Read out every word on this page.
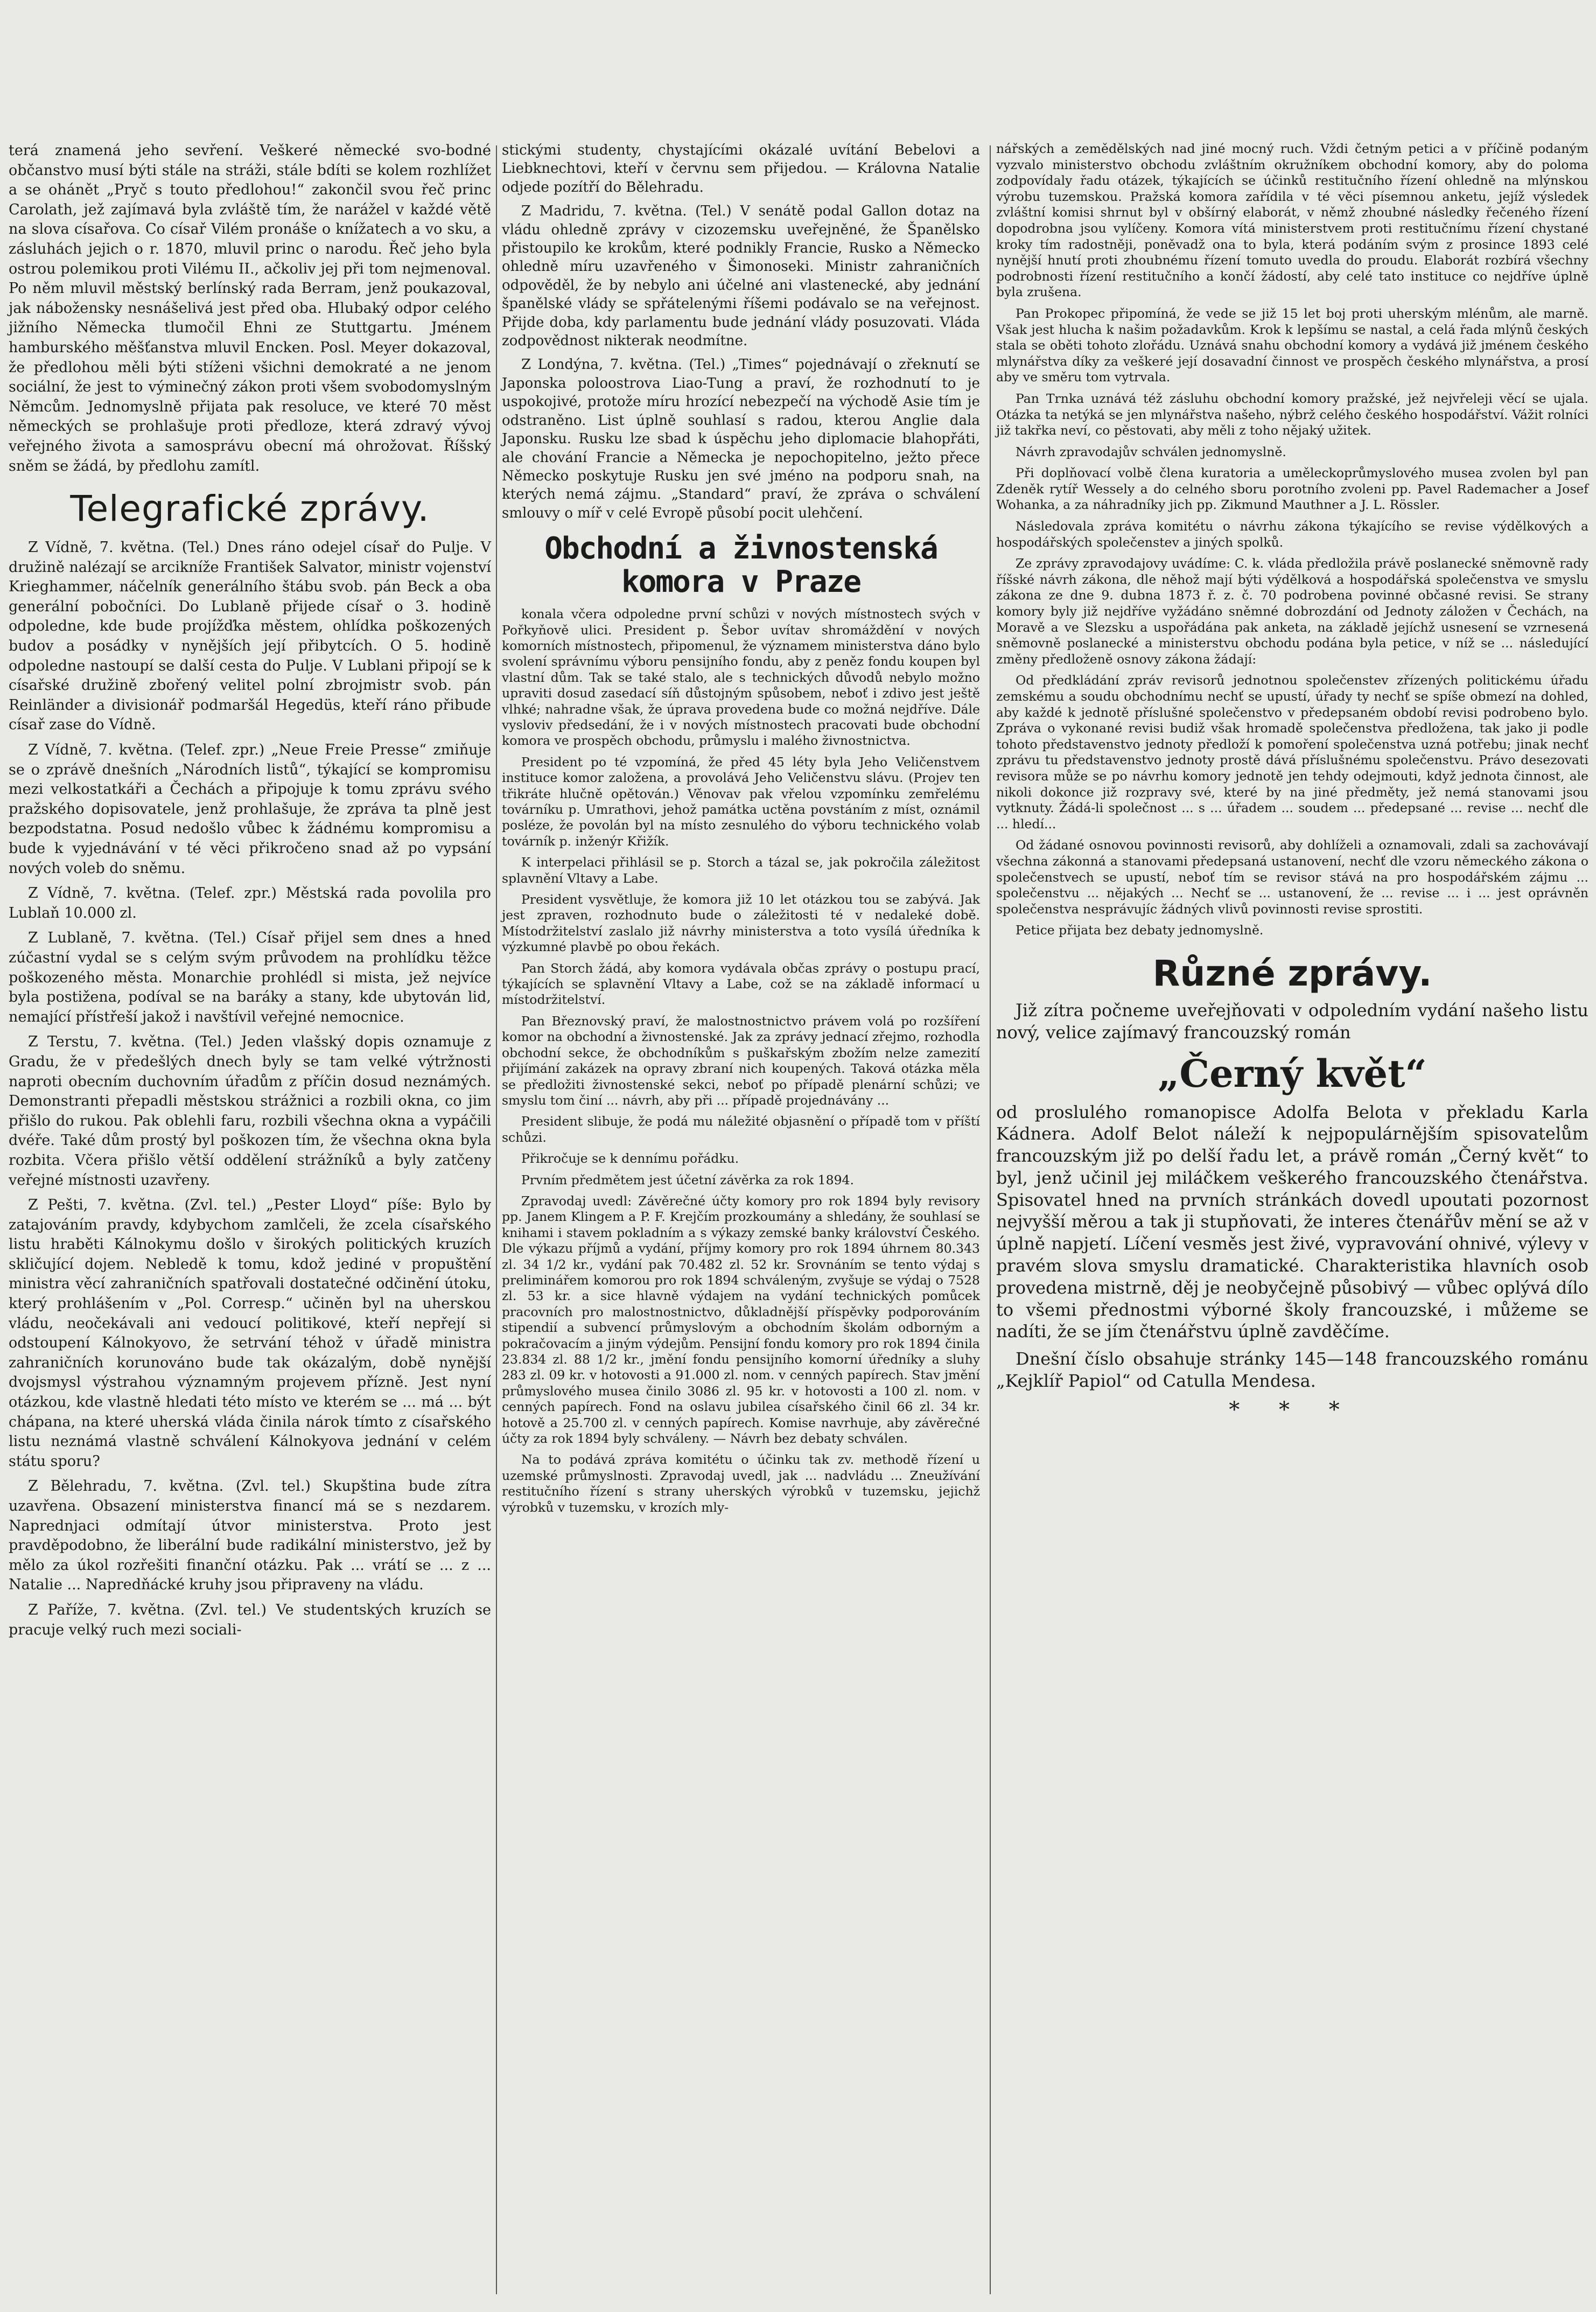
terá znamená jeho sevření. Veškeré německé svo-bodné občanstvo musí býti stále na stráži, stále bdíti se kolem rozhlížet a se ohánět „Pryč s touto předlohou!“ zakončil svou řeč princ Carolath, jež zajímavá byla zvláště tím, že narážel v každé větě na slova císařova. Co císař Vilém pronáše o knížatech a vo sku, a zásluhách jejich o r. 1870, mluvil princ o narodu. Řeč jeho byla ostrou polemikou proti Vilému II., ačkoliv jej při tom nejmenoval. Po něm mluvil městský berlínský rada Berram, jenž poukazoval, jak nábožensky nesnášelivá jest před oba. Hlubaký odpor celého jižního Německa tlumočil Ehni ze Stuttgartu. Jménem hamburského měšťanstva mluvil Encken. Posl. Meyer dokazoval, že předlohou měli býti stíženi všichni demokraté a ne jenom sociální, že jest to výminečný zákon proti všem svobodomyslným Němcům. Jednomyslně přijata pak resoluce, ve které 70 měst německých se prohlašuje proti předloze, která zdravý vývoj veřejného života a samosprávu obecní má ohrožovat. Říšský sněm se žádá, by předlohu zamítl.

Telegrafické zprávy.

Z Vídně, 7. května. (Tel.) Dnes ráno odejel císař do Pulje. V družině nalézají se arcikníže František Salvator, ministr vojenství Krieghammer, náčelník generálního štábu svob. pán Beck a oba generální pobočníci. Do Lublaně přijede císař o 3. hodině odpoledne, kde bude projížďka městem, ohlídka poškozených budov a posádky v nynějších její přibytcích. O 5. hodině odpoledne nastoupí se další cesta do Pulje. V Lublani připojí se k císařské družině zbořený velitel polní zbrojmistr svob. pán Reinländer a divisionář podmaršál Hegedüs, kteří ráno přibude císař zase do Vídně.

Z Vídně, 7. května. (Telef. zpr.) „Neue Freie Presse“ zmiňuje se o zprávě dnešních „Národních listů“, týkající se kompromisu mezi velkostatkáři a Čechách a připojuje k tomu zprávu svého pražského dopisovatele, jenž prohlašuje, že zpráva ta plně jest bezpodstatna. Posud nedošlo vůbec k žádnému kompromisu a bude k vyjednávání v té věci přikročeno snad až po vypsání nových voleb do sněmu.

Z Vídně, 7. května. (Telef. zpr.) Městská rada povolila pro Lublaň 10.000 zl.

Z Lublaně, 7. května. (Tel.) Císař přijel sem dnes a hned zúčastní vydal se s celým svým průvodem na prohlídku těžce poškozeného města. Monarchie prohlédl si mista, jež nejvíce byla postižena, podíval se na baráky a stany, kde ubytován lid, nemající přístřeší jakož i navštívil veřejné nemocnice.

Z Terstu, 7. května. (Tel.) Jeden vlašský dopis oznamuje z Gradu, že v předešlých dnech byly se tam velké výtržnosti naproti obecním duchovním úřadům z příčin dosud neznámých. Demonstranti přepadli městskou strážnici a rozbili okna, co jim přišlo do rukou. Pak oblehli faru, rozbili všechna okna a vypáčili dvéře. Také dům prostý byl poškozen tím, že všechna okna byla rozbita. Včera přišlo větší oddělení strážníků a byly zatčeny veřejné místnosti uzavřeny.

Z Pešti, 7. května. (Zvl. tel.) „Pester Lloyd“ píše: Bylo by zatajováním pravdy, kdybychom zamlčeli, že zcela císařského listu hraběti Kálnokymu došlo v širokých politických kruzích skličující dojem. Nebledě k tomu, kdož jediné v propuštění ministra věcí zahraničních spatřovali dostatečné odčinění útoku, který prohlášením v „Pol. Corresp.“ učiněn byl na uherskou vládu, neočekávali ani vedoucí politikové, kteří nepřejí si odstoupení Kálnokyovo, že setrvání téhož v úřadě ministra zahraničních korunováno bude tak okázalým, době nynější dvojsmysl výstrahou významným projevem přízně. Jest nyní otázkou, kde vlastně hledati této místo ve kterém se ... má ... být chápana, na které uherská vláda činila nárok tímto z císařského listu neznámá vlastně schválení Kálnokyova jednání v celém státu sporu?

Z Bělehradu, 7. května. (Zvl. tel.) Skupština bude zítra uzavřena. Obsazení ministerstva financí má se s nezdarem. Naprednjaci odmítají útvor ministerstva. Proto jest pravděpodobno, že liberální bude radikální ministerstvo, jež by mělo za úkol rozřešiti finanční otázku. Pak ... vrátí se ... z ... Natalie ... Napredňácké kruhy jsou připraveny na vládu.

Z Paříže, 7. května. (Zvl. tel.) Ve studentských kruzích se pracuje velký ruch mezi sociali-

stickými studenty, chystajícími okázalé uvítání Bebelovi a Liebknechtovi, kteří v červnu sem přijedou. — Královna Natalie odjede pozítří do Bělehradu.

Z Madridu, 7. května. (Tel.) V senátě podal Gallon dotaz na vládu ohledně zprávy v cizozemsku uveřejněné, že Španělsko přistoupilo ke krokům, které podnikly Francie, Rusko a Německo ohledně míru uzavřeného v Šimonoseki. Ministr zahraničních odpověděl, že by nebylo ani účelné ani vlastenecké, aby jednání španělské vlády se spřátelenými říšemi podávalo se na veřejnost. Přijde doba, kdy parlamentu bude jednání vlády posuzovati. Vláda zodpovědnost nikterak neodmítne.

Z Londýna, 7. května. (Tel.) „Times“ pojednávají o zřeknutí se Japonska poloostrova Liao-Tung a praví, že rozhodnutí to je uspokojivé, protože míru hrozící nebezpečí na východě Asie tím je odstraněno. List úplně souhlasí s radou, kterou Anglie dala Japonsku. Rusku lze sbad k úspěchu jeho diplomacie blahopřáti, ale chování Francie a Německa je nepochopitelno, ježto přece Německo poskytuje Rusku jen své jméno na podporu snah, na kterých nemá zájmu. „Standard“ praví, že zpráva o schválení smlouvy o míř v celé Evropě působí pocit ulehčení.

Obchodní a živnostenská komora v Praze

konala včera odpoledne první schůzi v nových místnostech svých v Pořkyňově ulici. President p. Šebor uvítav shromáždění v nových komorních místnostech, připomenul, že významem ministerstva dáno bylo svolení správnímu výboru pensijního fondu, aby z peněz fondu koupen byl vlastní dům. Tak se také stalo, ale s technických důvodů nebylo možno upraviti dosud zasedací síň důstojným spůsobem, neboť i zdivo jest ještě vlhké; nahradne však, že úprava provedena bude co možná nejdříve. Dále vysloviv předsedání, že i v nových místnostech pracovati bude obchodní komora ve prospěch obchodu, průmyslu i malého živnostnictva.

President po té vzpomíná, že před 45 léty byla Jeho Veličenstvem instituce komor založena, a provolává Jeho Veličenstvu slávu. (Projev ten třikráte hlučně opětován.) Věnovav pak vřelou vzpomínku zemřelému továrníku p. Umrathovi, jehož památka uctěna povstáním z míst, oznámil posléze, že povolán byl na místo zesnulého do výboru technického volab továrník p. inženýr Křižík.

K interpelaci přihlásil se p. Storch a tázal se, jak pokročila záležitost splavnění Vltavy a Labe.

President vysvětluje, že komora již 10 let otázkou tou se zabývá. Jak jest zpraven, rozhodnuto bude o záležitosti té v nedaleké době. Místodržitelství zaslalo již návrhy ministerstva a toto vysílá úředníka k výzkumné plavbě po obou řekách.

Pan Storch žádá, aby komora vydávala občas zprávy o postupu prací, týkajících se splavnění Vltavy a Labe, což se na základě informací u místodržitelství.

Pan Březnovský praví, že malostnostnictvo právem volá po rozšíření komor na obchodní a živnostenské. Jak za zprávy jednací zřejmo, rozhodla obchodní sekce, že obchodníkům s puškařským zbožím nelze zamezití přijímání zakázek na opravy zbraní nich koupených. Taková otázka měla se předložiti živnostenské sekci, neboť po případě plenární schůzi; ve smyslu tom činí ... návrh, aby při ... případě projednávány ...

President slibuje, že podá mu náležité objasnění o případě tom v příští schůzi.

Přikročuje se k dennímu pořádku.

Prvním předmětem jest účetní závěrka za rok 1894.

Zpravodaj uvedl: Závěrečné účty komory pro rok 1894 byly revisory pp. Janem Klingem a P. F. Krejčím prozkoumány a shledány, že souhlasí se knihami i stavem pokladním a s výkazy zemské banky království Českého. Dle výkazu příjmů a vydání, příjmy komory pro rok 1894 úhrnem 80.343 zl. 34 1/2 kr., vydání pak 70.482 zl. 52 kr. Srovnáním se tento výdaj s preliminářem komorou pro rok 1894 schváleným, zvyšuje se výdaj o 7528 zl. 53 kr. a sice hlavně výdajem na vydání technických pomůcek pracovních pro malostnostnictvo, důkladnější příspěvky podporováním stipendií a subvencí průmyslovým a obchodním školám odborným a pokračovacím a jiným výdejům. Pensijní fondu komory pro rok 1894 činila 23.834 zl. 88 1/2 kr., jmění fondu pensijního komorní úředníky a sluhy 283 zl. 09 kr. v hotovosti a 91.000 zl. nom. v cenných papírech. Stav jmění průmyslového musea činilo 3086 zl. 95 kr. v hotovosti a 100 zl. nom. v cenných papírech. Fond na oslavu jubilea císařského činil 66 zl. 34 kr. hotově a 25.700 zl. v cenných papírech. Komise navrhuje, aby závěrečné účty za rok 1894 byly schváleny. — Návrh bez debaty schválen.

Na to podává zpráva komitétu o účinku tak zv. methodě řízení u uzemské průmyslnosti. Zpravodaj uvedl, jak ... nadvládu ... Zneužívání restitučního řízení s strany uherských výrobků v tuzemsku, jejichž výrobků v tuzemsku, v krozích mly-

nářských a zemědělských nad jiné mocný ruch. Vždi četným petici a v příčině podaným vyzvalo ministerstvo obchodu zvláštním okružníkem obchodní komory, aby do poloma zodpovídaly řadu otázek, týkajících se účinků restitučního řízení ohledně na mlýnskou výrobu tuzemskou. Pražská komora zařídila v té věci písemnou anketu, jejíž výsledek zvláštní komisi shrnut byl v obšírný elaborát, v němž zhoubné následky řečeného řízení dopodrobna jsou vylíčeny. Komora vítá ministerstvem proti restitučnímu řízení chystané kroky tím radostněji, poněvadž ona to byla, která podáním svým z prosince 1893 celé nynější hnutí proti zhoubnému řízení tomuto uvedla do proudu. Elaborát rozbírá všechny podrobnosti řízení restitučního a končí žádostí, aby celé tato instituce co nejdříve úplně byla zrušena.

Pan Prokopec připomíná, že vede se již 15 let boj proti uherským mlénům, ale marně. Však jest hlucha k našim požadavkům. Krok k lepšímu se nastal, a celá řada mlýnů českých stala se oběti tohoto zlořádu. Uznává snahu obchodní komory a vydává již jménem českého mlynářstva díky za veškeré její dosavadní činnost ve prospěch českého mlynářstva, a prosí aby ve směru tom vytrvala.

Pan Trnka uznává též zásluhu obchodní komory pražské, jež nejvřeleji věcí se ujala. Otázka ta netýká se jen mlynářstva našeho, nýbrž celého českého hospodářství. Vážit rolníci již takřka neví, co pěstovati, aby měli z toho nějaký užitek.

Návrh zpravodajův schválen jednomyslně.

Při doplňovací volbě člena kuratoria a uměleckoprůmyslového musea zvolen byl pan Zdeněk rytíř Wessely a do celného sboru porotního zvoleni pp. Pavel Rademacher a Josef Wohanka, a za náhradníky jich pp. Zikmund Mauthner a J. L. Rössler.

Následovala zpráva komitétu o návrhu zákona týkajícího se revise výdělkových a hospodářských společenstev a jiných spolků.

Ze zprávy zpravodajovy uvádíme: C. k. vláda předložila právě poslanecké sněmovně rady říšské návrh zákona, dle něhož mají býti výdělková a hospodářská společenstva ve smyslu zákona ze dne 9. dubna 1873 ř. z. č. 70 podrobena povinné občasné revisi. Se strany komory byly již nejdříve vyžádáno sněmné dobrozdání od Jednoty záložen v Čechách, na Moravě a ve Slezsku a uspořádána pak anketa, na základě jejíchž usnesení se vzrnesená sněmovně poslanecké a ministerstvu obchodu podána byla petice, v níž se ... následující změny předloženě osnovy zákona žádají:

Od předkládání zpráv revisorů jednotnou společenstev zřízených politickému úřadu zemskému a soudu obchodnímu nechť se upustí, úřady ty nechť se spíše obmezí na dohled, aby každé k jednotě příslušné společenstvo v předepsaném období revisi podrobeno bylo. Zpráva o vykonané revisi budiž však hromadě společenstva předložena, tak jako ji podle tohoto představenstvo jednoty předloží k pomoření společenstva uzná potřebu; jinak nechť zprávu tu představenstvo jednoty prostě dává příslušnému společenstvu. Právo desezovati revisora může se po návrhu komory jednotě jen tehdy odejmouti, když jednota činnost, ale nikoli dokonce již rozpravy své, které by na jiné předměty, jež nemá stanovami jsou vytknuty. Žádá-li společnost ... s ... úřadem ... soudem ... předepsané ... revise ... nechť dle ... hledí...

Od žádané osnovou povinnosti revisorů, aby dohlíželi a oznamovali, zdali sa zachovávají všechna zákonná a stanovami předepsaná ustanovení, nechť dle vzoru německého zákona o společenstvech se upustí, neboť tím se revisor stává na pro hospodářském zájmu ... společenstvu ... nějakých ... Nechť se ... ustanovení, že ... revise ... i ... jest oprávněn společenstva nesprávujíc žádných vlivů povinnosti revise sprostiti.

Petice přijata bez debaty jednomyslně.

Různé zprávy.

Již zítra počneme uveřejňovati v odpoledním vydání našeho listu nový, velice zajímavý francouzský román

„Černý květ“

od proslulého romanopisce Adolfa Belota v překladu Karla Kádnera. Adolf Belot náleží k nejpopulárnějším spisovatelům francouzským již po delší řadu let, a právě román „Černý květ“ to byl, jenž učinil jej miláčkem veškerého francouzského čtenářstva. Spisovatel hned na prvních stránkách dovedl upoutati pozornost nejvyšší měrou a tak ji stupňovati, že interes čtenářův mění se až v úplně napjetí. Líčení vesměs jest živé, vypravování ohnivé, výlevy v pravém slova smyslu dramatické. Charakteristika hlavních osob provedena mistrně, děj je neobyčejně působivý — vůbec oplývá dílo to všemi přednostmi výborné školy francouzské, i můžeme se nadíti, že se jím čtenářstvu úplně zavděčíme.

Dnešní číslo obsahuje stránky 145—148 francouzského románu „Kejklíř Papiol“ od Catulla Mendesa.

* * *
